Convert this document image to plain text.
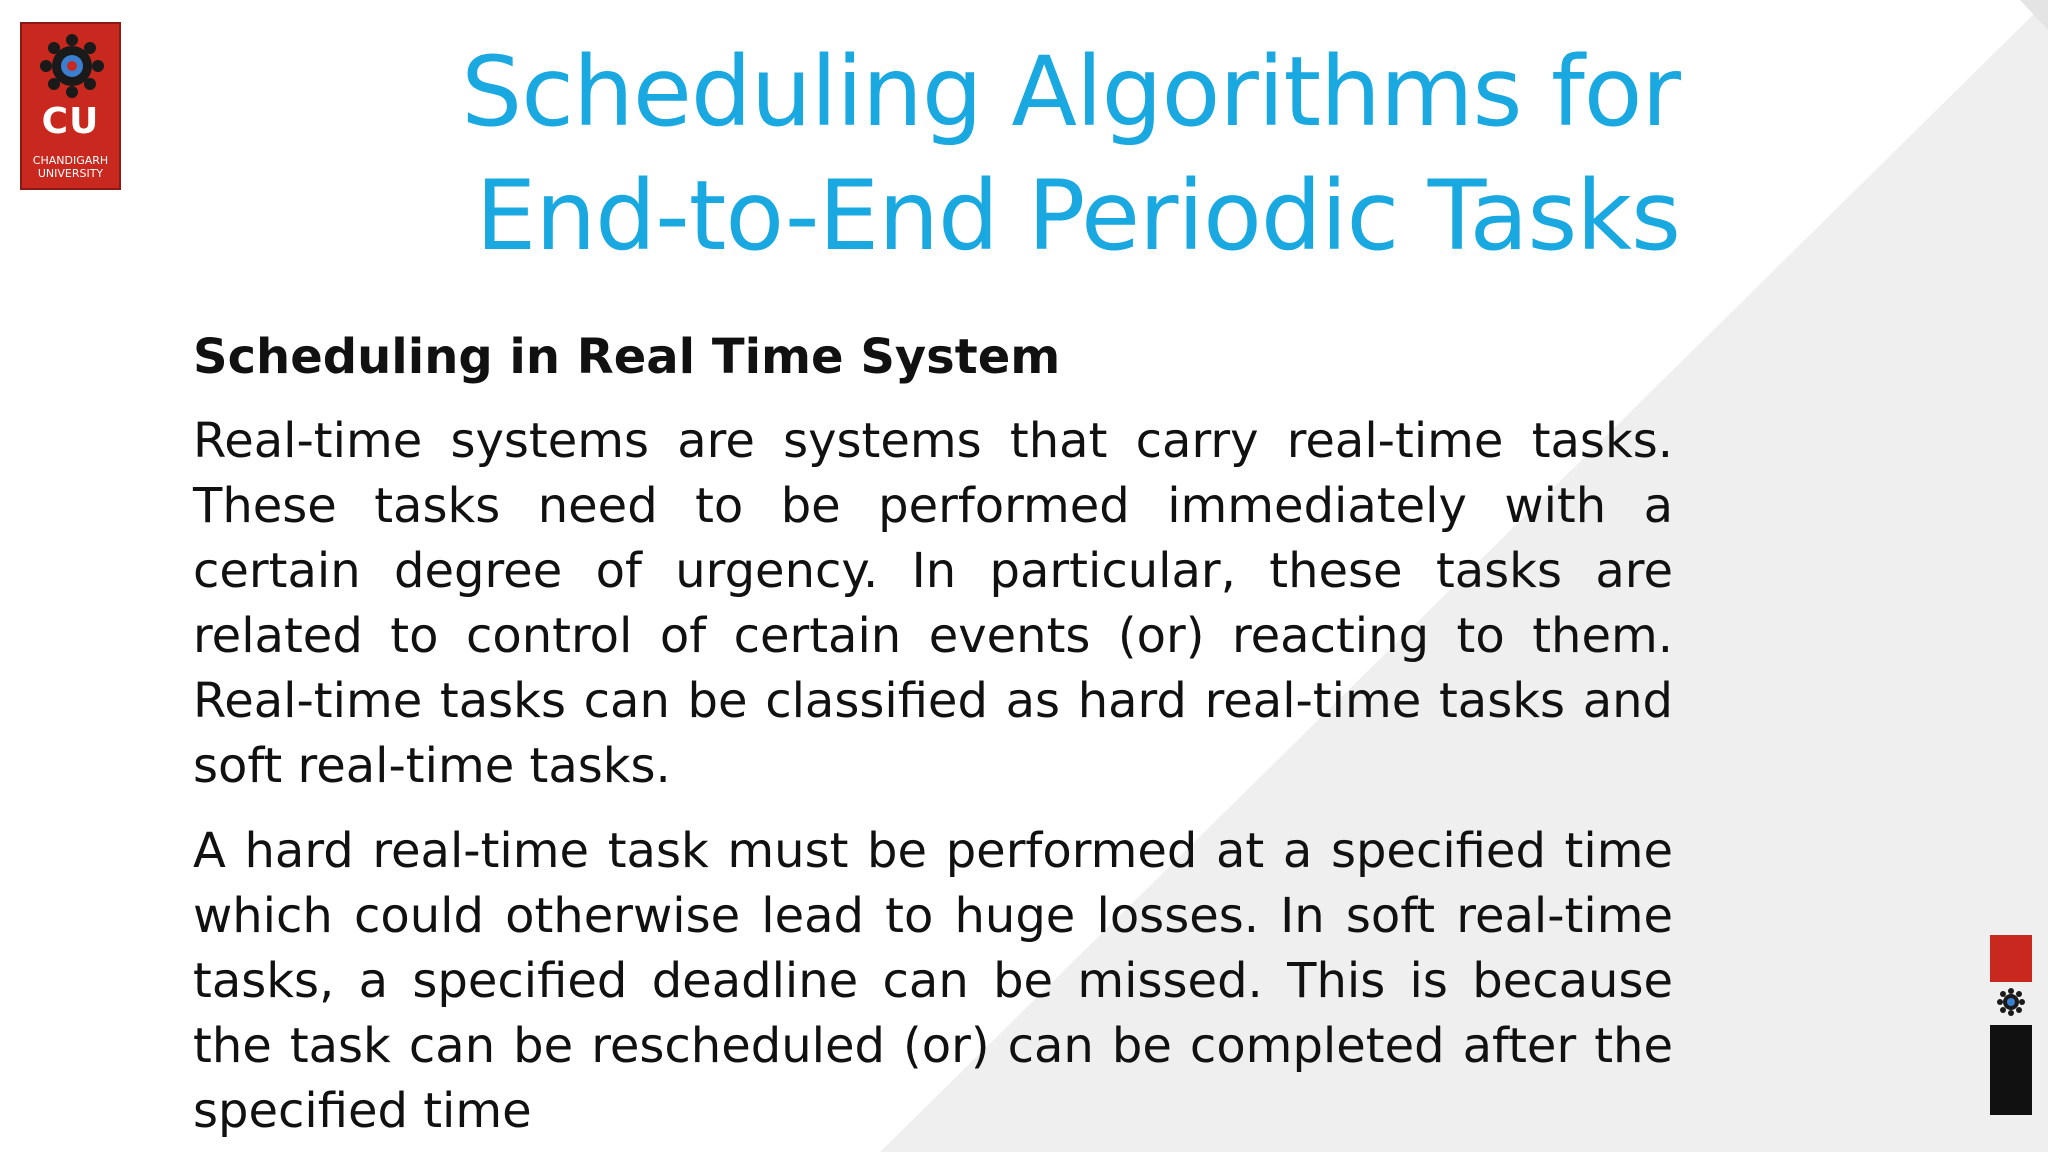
CU
CHANDIGARH
UNIVERSITY
Scheduling Algorithms for
End-to-End Periodic Tasks
Scheduling in Real Time System

Real-time systems are systems that carry real-time tasks. These tasks need to be performed immediately with a certain degree of urgency. In particular, these tasks are related to control of certain events (or) reacting to them. Real-time tasks can be classified as hard real-time tasks and soft real-time tasks.

A hard real-time task must be performed at a specified time which could otherwise lead to huge losses. In soft real-time tasks, a specified deadline can be missed. This is because the task can be rescheduled (or) can be completed after the specified time
